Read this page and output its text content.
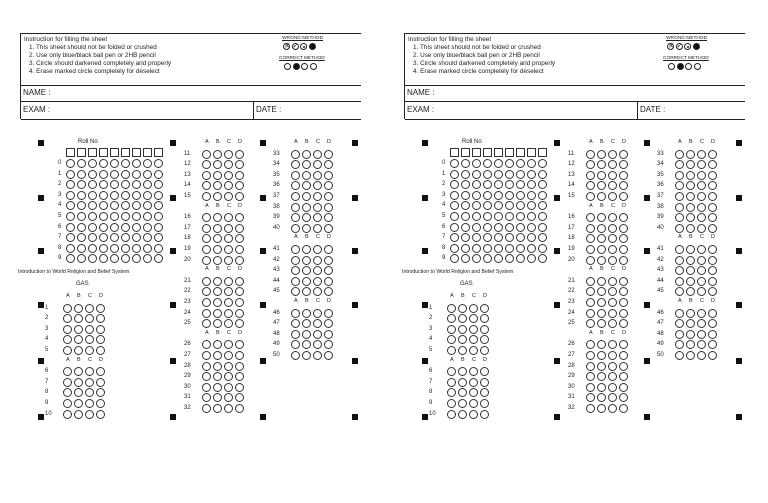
Instruction for filling the sheet
1. This sheet should not be folded or crushed
2. Use only blue/black ball pen or 2HB pencil
3. Circle should darkened completely and properly
4. Erase marked circle completely for deselect
WRONG METHOD
✕
✓
CORRECT METHOD
NAME :
EXAM :	DATE :
Roll No
0
1
2
3
4
5
6
7
8
9
Introduction to World Religion and Belief System
GAS
A B C D
1
2
3
4
5
A B C D
6
7
8
9
10
A B C D
11
12
13
14
15
A B C D
16
17
18
19
20
A B C D
21
22
23
24
25
A B C D
26
27
28
29
30
31
32
A B C D
33
34
35
36
37
38
39
40
A B C D
41
42
43
44
45
A B C D
46
47
48
49
50
Instruction for filling the sheet
1. This sheet should not be folded or crushed
2. Use only blue/black ball pen or 2HB pencil
3. Circle should darkened completely and properly
4. Erase marked circle completely for deselect
WRONG METHOD
✕
✓
CORRECT METHOD
NAME :
EXAM :	DATE :
Roll No
0
1
2
3
4
5
6
7
8
9
Introduction to World Religion and Belief System
GAS
A B C D
1
2
3
4
5
A B C D
6
7
8
9
10
A B C D
11
12
13
14
15
A B C D
16
17
18
19
20
A B C D
21
22
23
24
25
A B C D
26
27
28
29
30
31
32
A B C D
33
34
35
36
37
38
39
40
A B C D
41
42
43
44
45
A B C D
46
47
48
49
50
